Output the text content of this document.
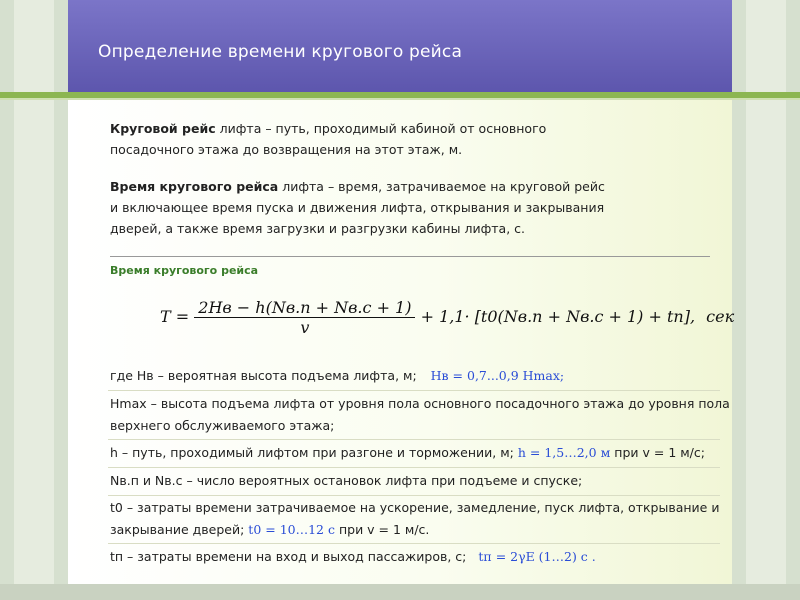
Определение времени кругового рейса
Круговой рейс лифта – путь, проходимый кабиной от основного
посадочного этажа до возвращения на этот этаж, м.
Время кругового рейса лифта – время, затрачиваемое на круговой рейс
и включающее время пуска и движения лифта, открывания и закрывания
дверей, а также время загрузки и разгрузки кабины лифта, с.
Время кругового рейса
$T = \frac{2Hв - h(Nв.п + Nв.с + 1)}{v} + 1,1\cdot [t0(Nв.п + Nв.с + 1) + tп]$, сек
где Hв – вероятная высота подъема лифта, м; Hв = 0,7...0,9 Hmax;
Hmax – высота подъема лифта от уровня пола основного посадочного этажа до уровня пола
верхнего обслуживаемого этажа;
h – путь, проходимый лифтом при разгоне и торможении, м; h = 1,5…2,0 м при v = 1 м/с;
Nв.п и Nв.с – число вероятных остановок лифта при подъеме и спуске;
t0 – затраты времени затрачиваемое на ускорение, замедление, пуск лифта, открывание и
закрывание дверей; t0 = 10…12 с при v = 1 м/с.
tп – затраты времени на вход и выход пассажиров, с; tп = 2γE (1…2) с .
